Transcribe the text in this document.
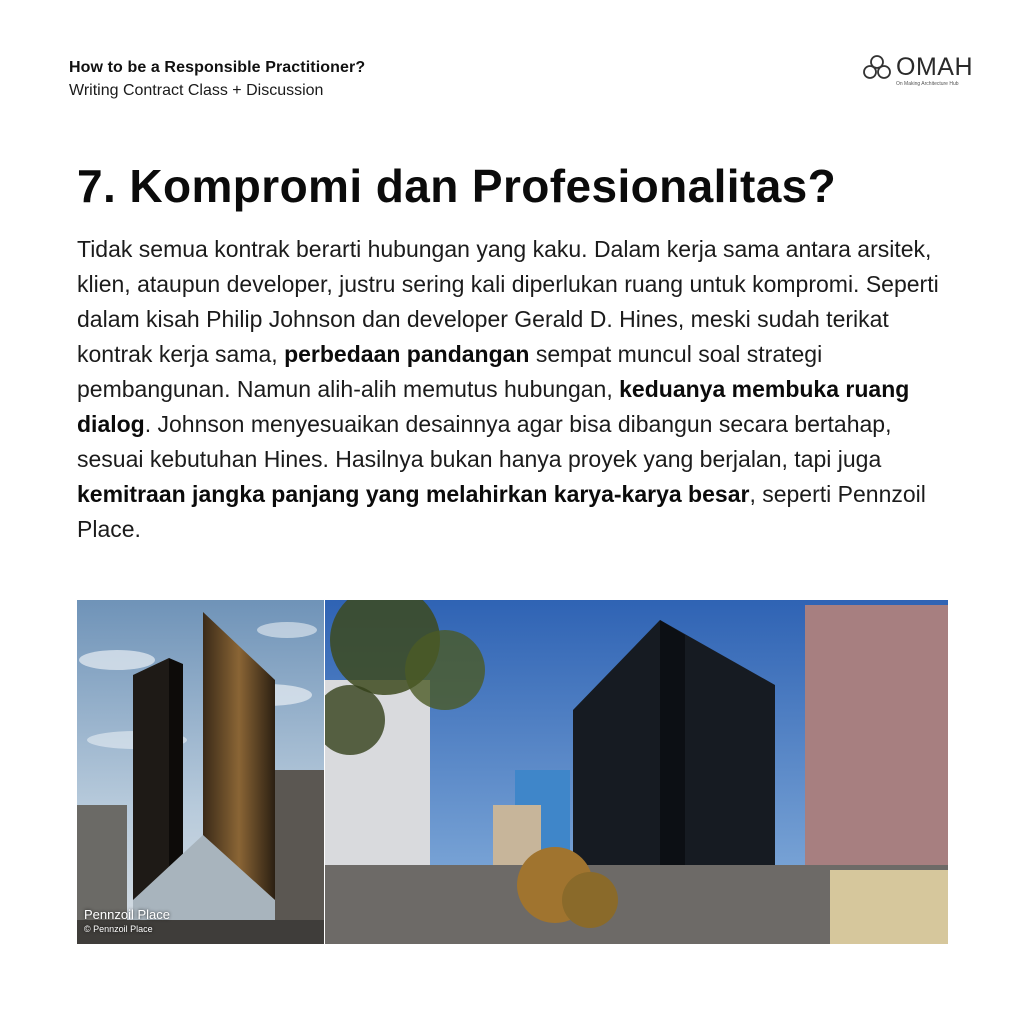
How to be a Responsible Practitioner?
Writing Contract Class + Discussion
OMAH
On Making Architecture Hub
7. Kompromi dan Profesionalitas?

Tidak semua kontrak berarti hubungan yang kaku. Dalam kerja sama antara arsitek, klien, ataupun developer, justru sering kali diperlukan ruang untuk kompromi. Seperti dalam kisah Philip Johnson dan developer Gerald D. Hines, meski sudah terikat kontrak kerja sama, perbedaan pandangan sempat muncul soal strategi pembangunan. Namun alih-alih memutus hubungan, keduanya membuka ruang dialog. Johnson menyesuaikan desainnya agar bisa dibangun secara bertahap, sesuai kebutuhan Hines. Hasilnya bukan hanya proyek yang berjalan, tapi juga kemitraan jangka panjang yang melahirkan karya-karya besar, seperti Pennzoil Place.

Pennzoil Place
© Pennzoil Place
